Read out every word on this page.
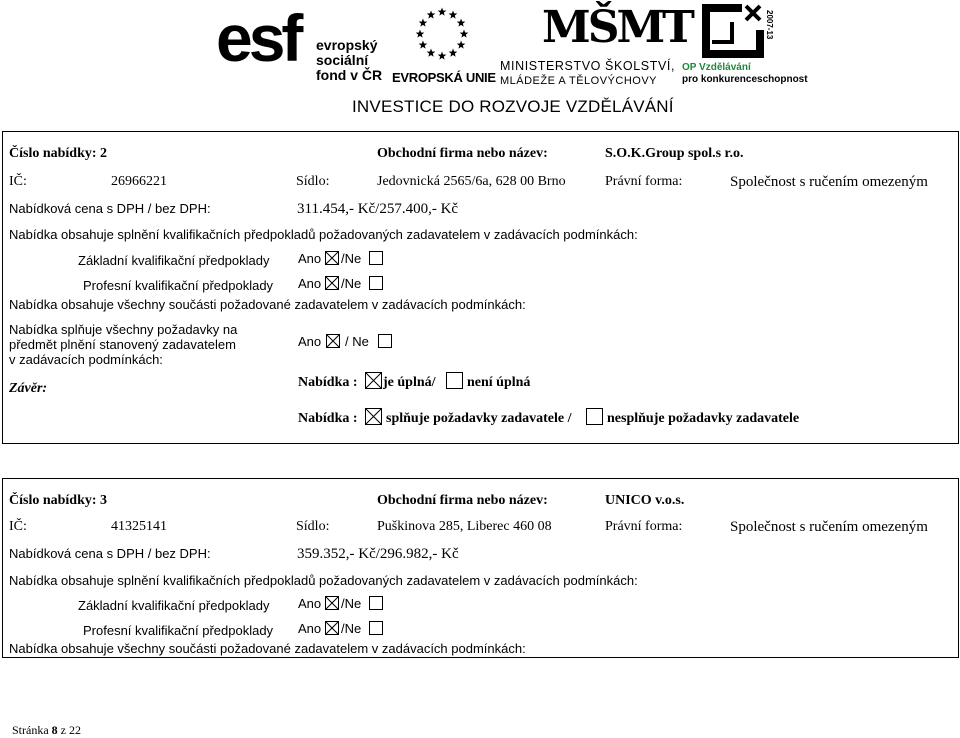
esf evropský
sociální
fond v ČR EVROPSKÁ UNIE
MŠMT
MINISTERSTVO ŠKOLSTVÍ,
MLÁDEŽE A TĚLOVÝCHOVY
2007-13
OP Vzdělávání
pro konkurenceschopnost
INVESTICE DO ROZVOJE VZDĚLÁVÁNÍ
Číslo nabídky: 2	Obchodní firma nebo název:	S.O.K.Group spol.s r.o.
IČ:	26966221	Sídlo:	Jedovnická 2565/6a, 628 00 Brno	Právní forma:	Společnost s ručením omezeným
Nabídková cena s DPH / bez DPH:	311.454,- Kč/257.400,- Kč
Nabídka obsahuje splnění kvalifikačních předpokladů požadovaných zadavatelem v zadávacích podmínkách:
Základní kvalifikační předpoklady Ano /Ne
Profesní kvalifikační předpoklady Ano /Ne
Nabídka obsahuje všechny součásti požadované zadavatelem v zadávacích podmínkách:
Nabídka splňuje všechny požadavky na
předmět plnění stanovený zadavatelem
v zadávacích podmínkách:
Ano / Ne
Závěr:	Nabídka : je úplná/ není úplná
Nabídka : splňuje požadavky zadavatele /	nesplňuje požadavky zadavatele
Číslo nabídky: 3	Obchodní firma nebo název:	UNICO v.o.s.
IČ:	41325141	Sídlo:	Puškinova 285, Liberec 460 08	Právní forma:	Společnost s ručením omezeným
Nabídková cena s DPH / bez DPH:	359.352,- Kč/296.982,- Kč
Nabídka obsahuje splnění kvalifikačních předpokladů požadovaných zadavatelem v zadávacích podmínkách:
Základní kvalifikační předpoklady Ano /Ne
Profesní kvalifikační předpoklady Ano /Ne
Nabídka obsahuje všechny součásti požadované zadavatelem v zadávacích podmínkách:
Stránka 8 z 22
